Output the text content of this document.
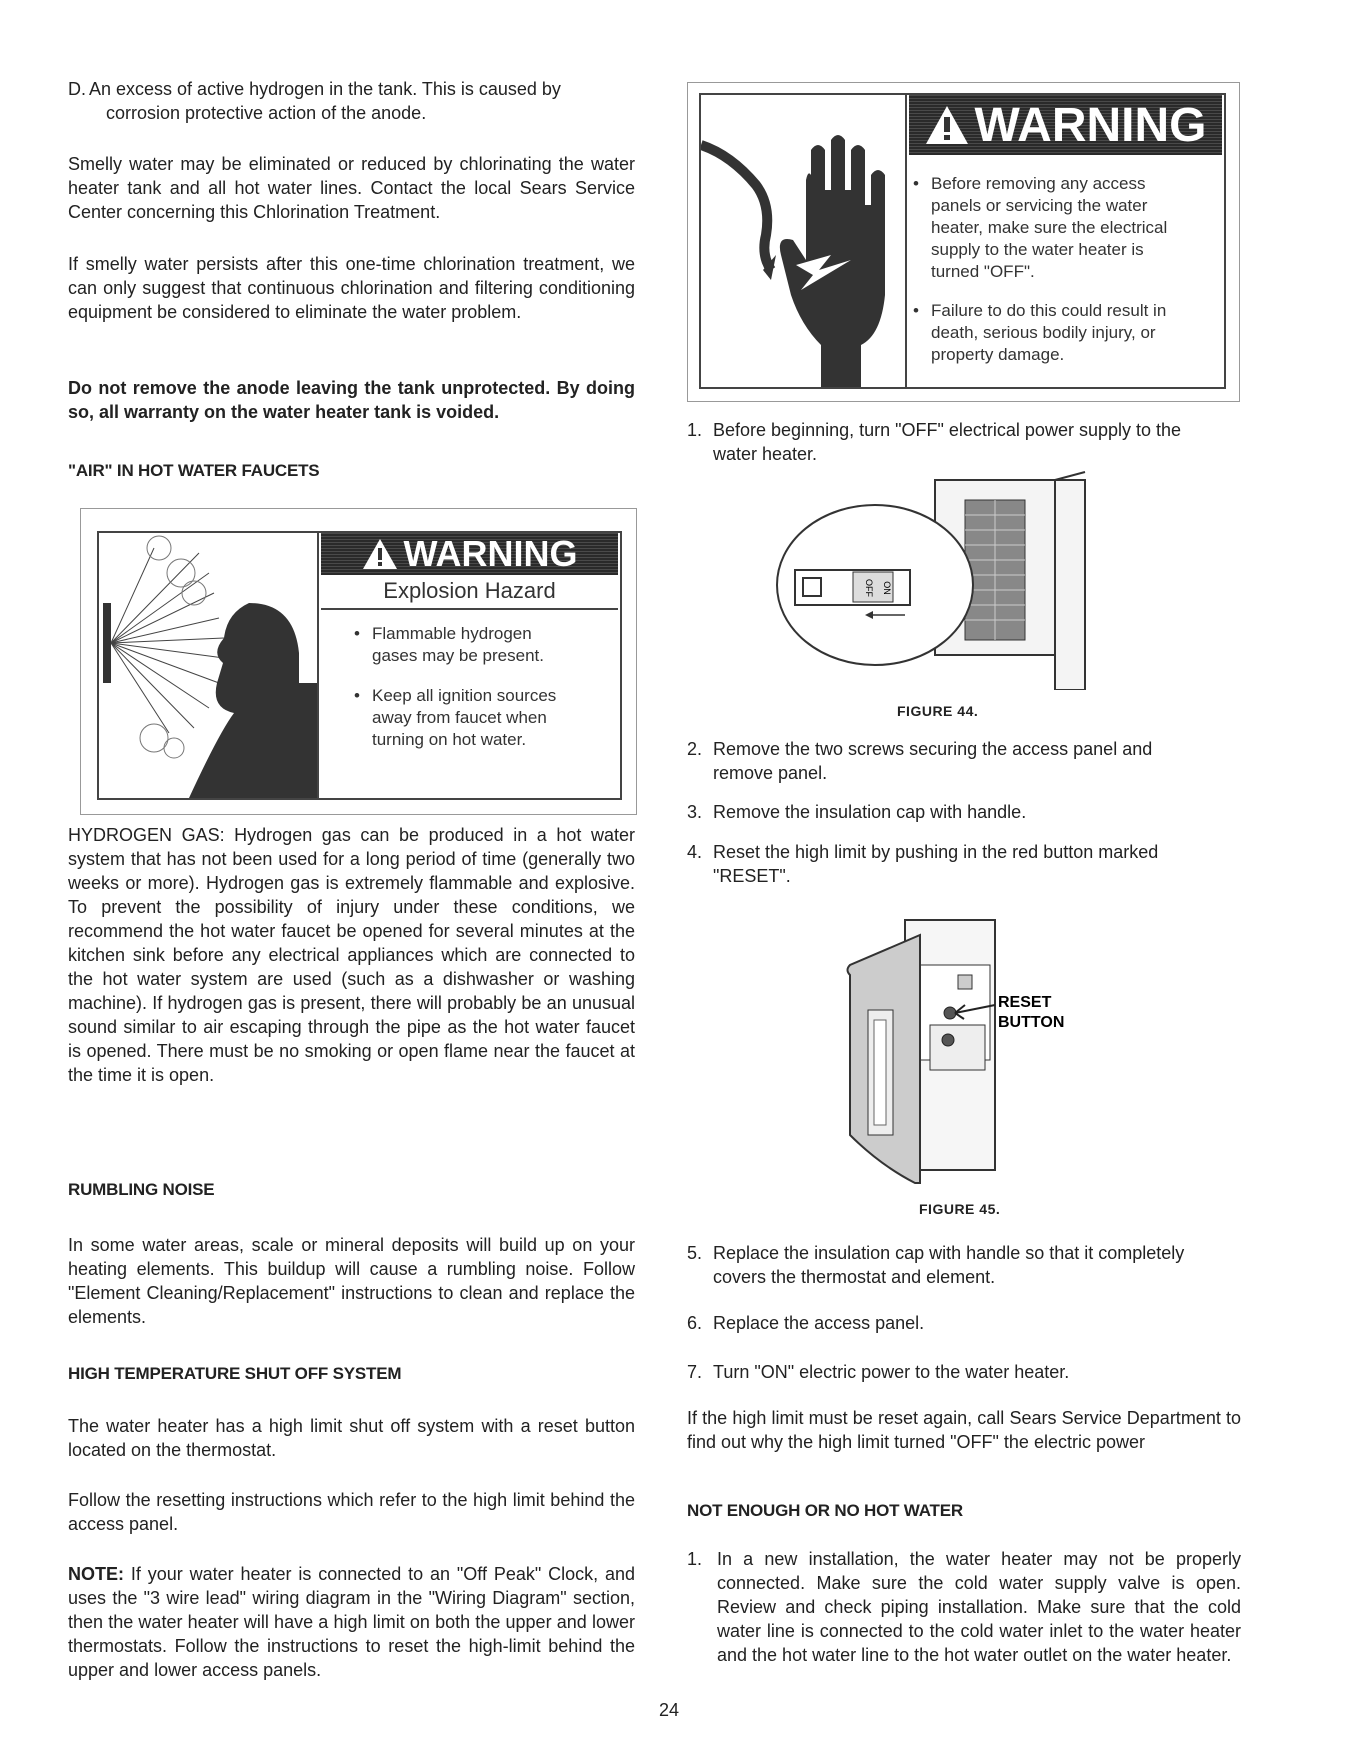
D. An excess of active hydrogen in the tank. This is caused by
corrosion protective action of the anode.

Smelly water may be eliminated or reduced by chlorinating the water heater tank and all hot water lines. Contact the local Sears Service Center concerning this Chlorination Treatment.

If smelly water persists after this one-time chlorination treatment, we can only suggest that continuous chlorination and filtering conditioning equipment be considered to eliminate the water problem.

Do not remove the anode leaving the tank unprotected. By doing so, all warranty on the water heater tank is voided.

"AIR" IN HOT WATER FAUCETS
WARNING
Explosion Hazard
• Flammable hydrogen
gases may be present.
• Keep all ignition sources
away from faucet when
turning on hot water.

HYDROGEN GAS: Hydrogen gas can be produced in a hot water system that has not been used for a long period of time (generally two weeks or more). Hydrogen gas is extremely flammable and explosive. To prevent the possibility of injury under these conditions, we recommend the hot water faucet be opened for several minutes at the kitchen sink before any electrical appliances which are connected to the hot water system are used (such as a dishwasher or washing machine). If hydrogen gas is present, there will probably be an unusual sound similar to air escaping through the pipe as the hot water faucet is opened. There must be no smoking or open flame near the faucet at the time it is open.

RUMBLING NOISE

In some water areas, scale or mineral deposits will build up on your heating elements. This buildup will cause a rumbling noise. Follow "Element Cleaning/Replacement" instructions to clean and replace the elements.

HIGH TEMPERATURE SHUT OFF SYSTEM

The water heater has a high limit shut off system with a reset button located on the thermostat.

Follow the resetting instructions which refer to the high limit behind the access panel.

NOTE: If your water heater is connected to an "Off Peak" Clock, and uses the "3 wire lead" wiring diagram in the "Wiring Diagram" section, then the water heater will have a high limit on both the upper and lower thermostats. Follow the instructions to reset the high-limit behind the upper and lower access panels.

WARNING
• Before removing any access
panels or servicing the water
heater, make sure the electrical
supply to the water heater is
turned "OFF".
• Failure to do this could result in
death, serious bodily injury, or
property damage.
1. Before beginning, turn "OFF" electrical power supply to the
water heater.
OFF ON
FIGURE 44.
2. Remove the two screws securing the access panel and
remove panel.
3. Remove the insulation cap with handle.
4. Reset the high limit by pushing in the red button marked
"RESET".
RESET
BUTTON
FIGURE 45.
5. Replace the insulation cap with handle so that it completely
covers the thermostat and element.
6. Replace the access panel.
7. Turn "ON" electric power to the water heater.

If the high limit must be reset again, call Sears Service Department to find out why the high limit turned "OFF" the electric power

NOT ENOUGH OR NO HOT WATER
1. In a new installation, the water heater may not be properly connected. Make sure the cold water supply valve is open. Review and check piping installation. Make sure that the cold water line is connected to the cold water inlet to the water heater and the hot water line to the hot water outlet on the water heater.

24
